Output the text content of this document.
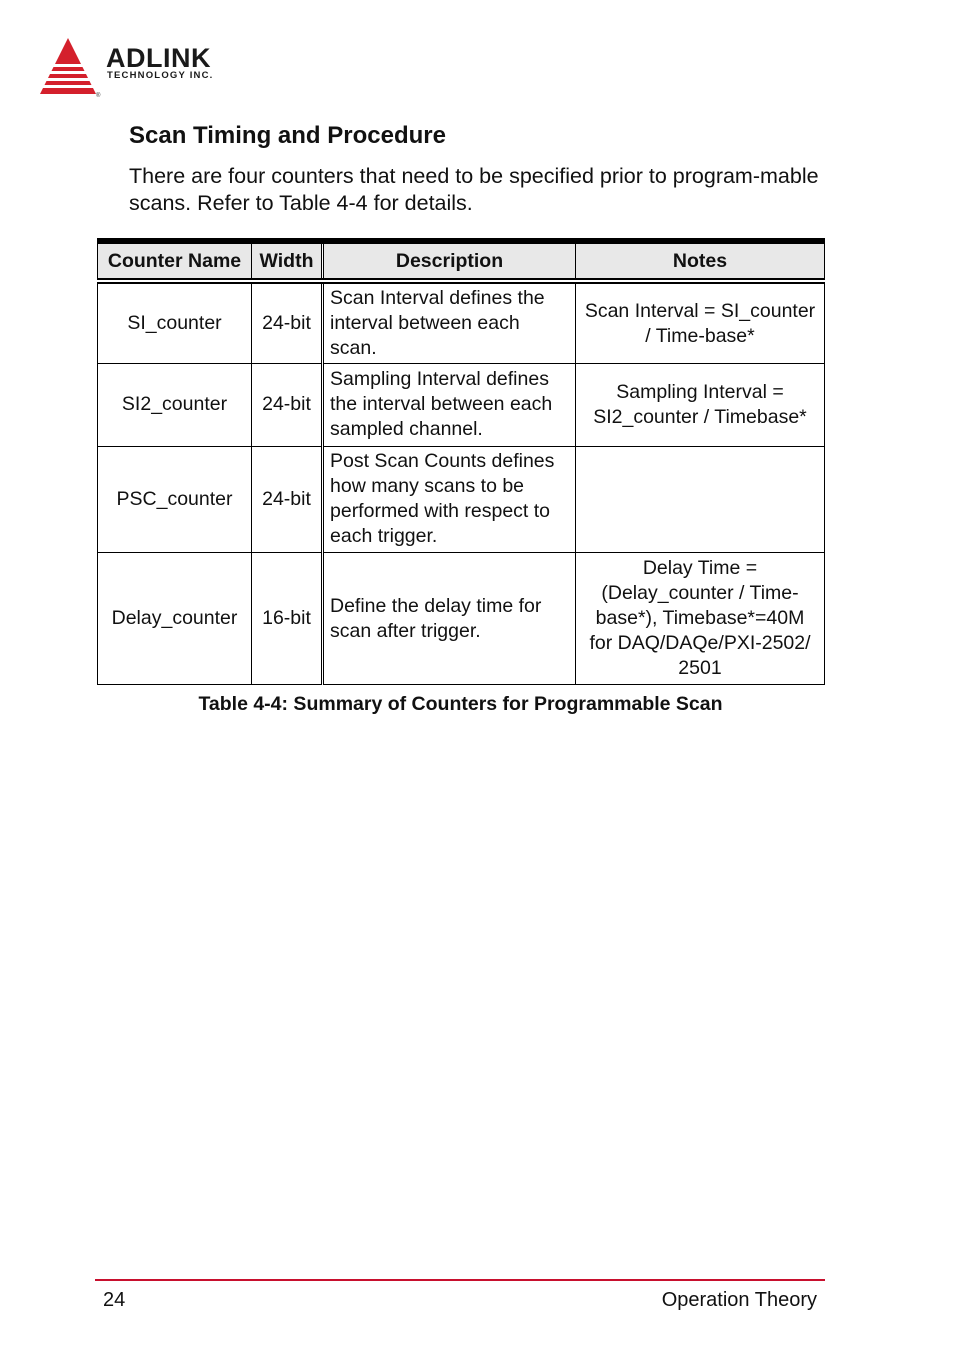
®
ADLINK
TECHNOLOGY INC.
Scan Timing and Procedure

There are four counters that need to be specified prior to program-mable scans. Refer to Table 4-4 for details.

Counter Name	Width	Description	Notes
SI_counter	24-bit	Scan Interval defines the interval between each scan.	Scan Interval = SI_counter / Time-base*
SI2_counter	24-bit	Sampling Interval defines the interval between each sampled channel.	Sampling Interval = SI2_counter / Timebase*
PSC_counter	24-bit	Post Scan Counts defines how many scans to be performed with respect to each trigger.	
Delay_counter	16-bit	Define the delay time for scan after trigger.	Delay Time = (Delay_counter / Time-base*), Timebase*=40M for DAQ/DAQe/PXI-2502/ 2501

Table 4-4: Summary of Counters for Programmable Scan

24	Operation Theory
